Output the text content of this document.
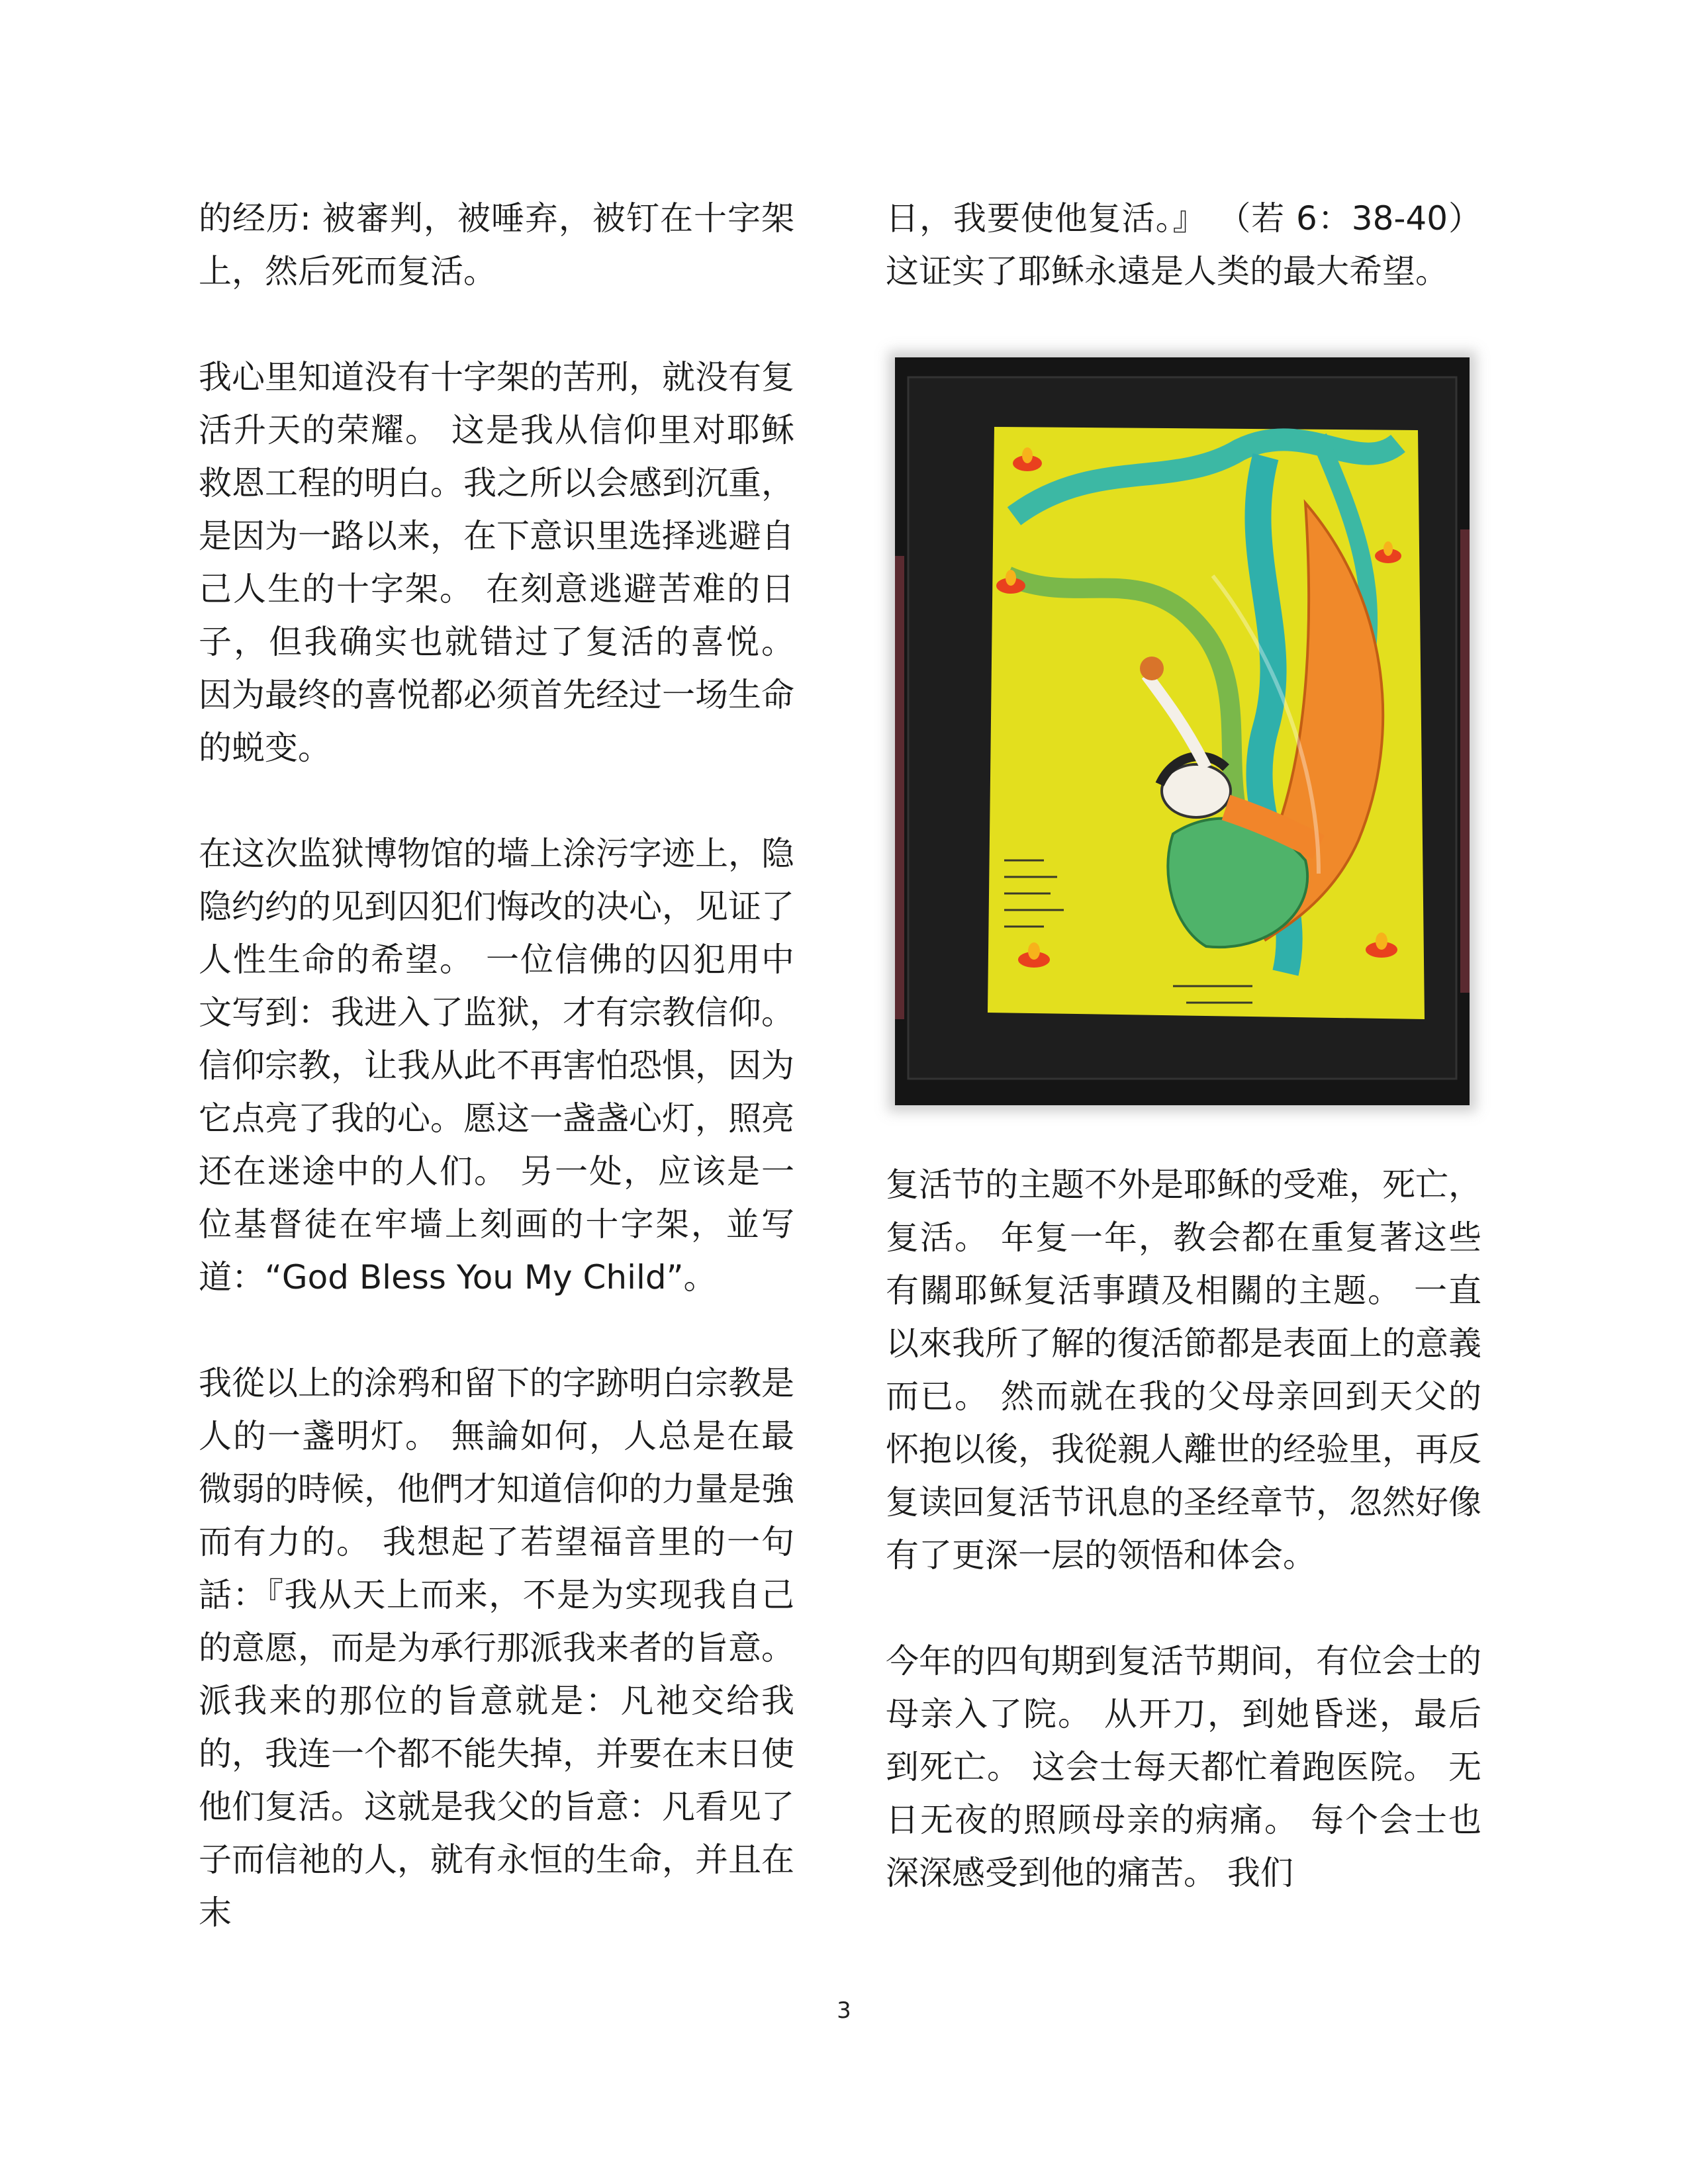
的经历: 被審判，被唾弃，被钉在十字架上，然后死而复活。

我心里知道没有十字架的苦刑，就没有复活升天的荣耀。 这是我从信仰里对耶稣救恩工程的明白。我之所以会感到沉重，是因为一路以来，在下意识里选择逃避自己人生的十字架。 在刻意逃避苦难的日子，但我确实也就错过了复活的喜悦。 因为最终的喜悦都必须首先经过一场生命的蜕变。

在这次监狱博物馆的墙上涂污字迹上，隐隐约约的见到囚犯们悔改的决心，见证了人性生命的希望。 一位信佛的囚犯用中文写到：我进入了监狱，才有宗教信仰。 信仰宗教，让我从此不再害怕恐惧，因为它点亮了我的心。愿这一盏盏心灯，照亮还在迷途中的人们。 另一处，应该是一位基督徒在牢墙上刻画的十字架，並写道：“God Bless You My Child”。

我從以上的涂鸦和留下的字跡明白宗教是人的一盞明灯。 無論如何，人总是在最微弱的時候，他們才知道信仰的力量是強而有力的。 我想起了若望福音里的一句話：『我从天上而来，不是为实现我自己的意愿，而是为承行那派我来者的旨意。 派我来的那位的旨意就是：凡祂交给我的，我连一个都不能失掉，并要在末日使他们复活。这就是我父的旨意：凡看见了子而信祂的人，就有永恒的生命，并且在末

日，我要使他复活。』 （若 6：38-40）这证实了耶稣永遠是人类的最大希望。

复活节的主题不外是耶稣的受难，死亡，复活。 年复一年，教会都在重复著这些有關耶稣复活事蹟及相關的主题。 一直以來我所了解的復活節都是表面上的意義而已。 然而就在我的父母亲回到天父的怀抱以後，我從親人離世的经验里，再反复读回复活节讯息的圣经章节，忽然好像有了更深一层的领悟和体会。

今年的四旬期到复活节期间，有位会士的母亲入了院。 从开刀，到她昏迷，最后到死亡。 这会士每天都忙着跑医院。 无日无夜的照顾母亲的病痛。 每个会士也深深感受到他的痛苦。 我们

3
